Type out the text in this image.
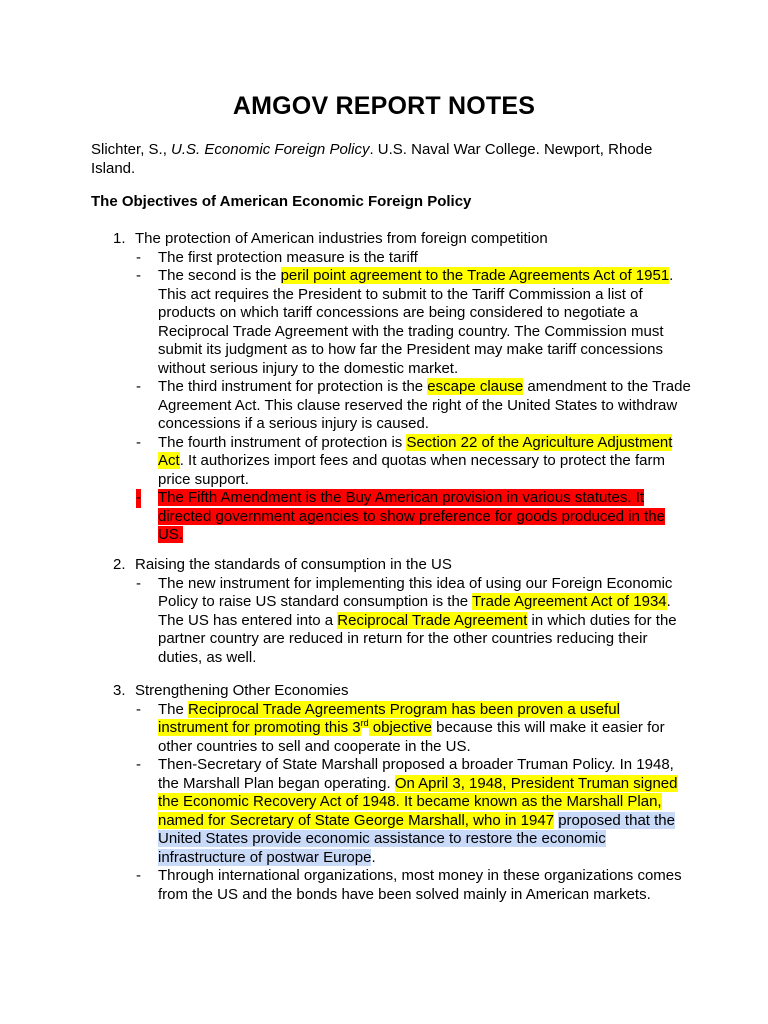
AMGOV REPORT NOTES

Slichter, S., U.S. Economic Foreign Policy. U.S. Naval War College. Newport, Rhode Island.

The Objectives of American Economic Foreign Policy

1. The protection of American industries from foreign competition
- The first protection measure is the tariff
- The second is the peril point agreement to the Trade Agreements Act of 1951. This act requires the President to submit to the Tariff Commission a list of products on which tariff concessions are being considered to negotiate a Reciprocal Trade Agreement with the trading country. The Commission must submit its judgment as to how far the President may make tariff concessions without serious injury to the domestic market.
- The third instrument for protection is the escape clause amendment to the Trade Agreement Act. This clause reserved the right of the United States to withdraw concessions if a serious injury is caused.
- The fourth instrument of protection is Section 22 of the Agriculture Adjustment Act. It authorizes import fees and quotas when necessary to protect the farm price support.
- The Fifth Amendment is the Buy American provision in various statutes. It directed government agencies to show preference for goods produced in the US.
2. Raising the standards of consumption in the US
- The new instrument for implementing this idea of using our Foreign Economic Policy to raise US standard consumption is the Trade Agreement Act of 1934. The US has entered into a Reciprocal Trade Agreement in which duties for the partner country are reduced in return for the other countries reducing their duties, as well.
3. Strengthening Other Economies
- The Reciprocal Trade Agreements Program has been proven a useful instrument for promoting this 3rd objective because this will make it easier for other countries to sell and cooperate in the US.
- Then-Secretary of State Marshall proposed a broader Truman Policy. In 1948, the Marshall Plan began operating. On April 3, 1948, President Truman signed the Economic Recovery Act of 1948. It became known as the Marshall Plan, named for Secretary of State George Marshall, who in 1947 proposed that the United States provide economic assistance to restore the economic infrastructure of postwar Europe.
- Through international organizations, most money in these organizations comes from the US and the bonds have been solved mainly in American markets.
